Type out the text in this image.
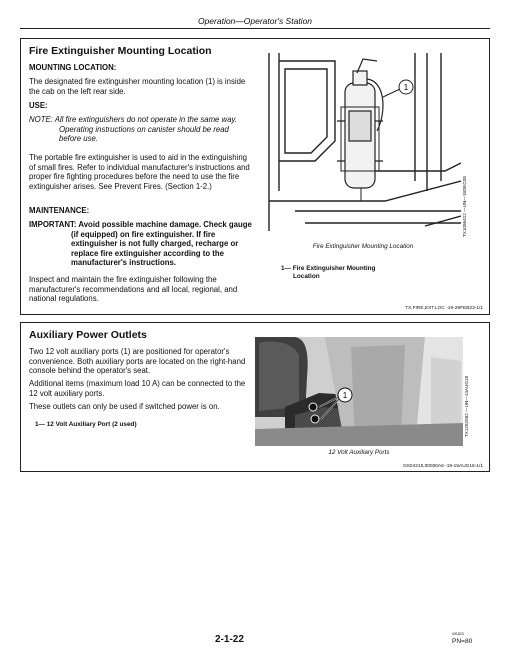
Operation—Operator's Station
Fire Extinguisher Mounting Location
MOUNTING LOCATION:
The designated fire extinguisher mounting location (1) is inside the cab on the left rear side.
USE:
NOTE: All fire extinguishers do not operate in the same way. Operating instructions on canister should be read before use.
The portable fire extinguisher is used to aid in the extinguishing of small fires. Refer to individual manufacturer's instructions and proper fire fighting procedures before the need to use the fire extinguisher arises. See Prevent Fires. (Section 1-2.)
MAINTENANCE:
IMPORTANT: Avoid possible machine damage. Check gauge (if equipped) on fire extinguisher. If fire extinguisher is not fully charged, recharge or replace fire extinguisher according to the manufacturer's instructions.
Inspect and maintain the fire extinguisher following the manufacturer's recommendations and all local, regional, and national regulations.
1
TX1056422 —UN—18DEC08
Fire Extinguisher Mounting Location
1— Fire Extinguisher Mounting Location
TX,FIRE,EXT,LOC -19-29FEB23-1/1
Auxiliary Power Outlets
Two 12 volt auxiliary ports (1) are positioned for operator's convenience. Both auxiliary ports are located on the right-hand console behind the operator's seat.
Additional items (maximum load 10 A) can be connected to the 12 volt auxiliary ports.
These outlets can only be used if switched power is on.
1— 12 Volt Auxiliary Port (2 used)
1	TX1262582 —UN—14AUG18
12 Volt Auxiliary Ports
DS04215,00000A6 -19-15AUG18-1/1
2-1-22	091823
PN=80
